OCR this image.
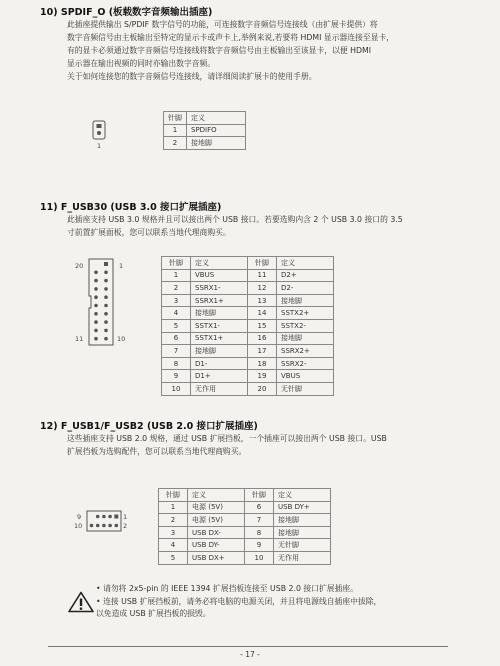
10) SPDIF_O (板载数字音频输出插座)
此插座提供输出 S/PDIF 数字信号的功能，可连接数字音频信号连接线（由扩展卡提供）将
数字音频信号由主板输出至特定的显示卡或声卡上,举例来说,若要将 HDMI 显示器连接至显卡，
有的显卡必须通过数字音频信号连接线将数字音频信号由主板输出至该显卡，以便 HDMI
显示器在输出视频的同时亦输出数字音频。
关于如何连接您的数字音频信号连接线，请详细阅读扩展卡的使用手册。
1
针脚	定义
1	SPDIFO
2	接地脚
11) F_USB30 (USB 3.0 接口扩展插座)
此插座支持 USB 3.0 规格并且可以接出两个 USB 接口。若要选购内含 2 个 USB 3.0 接口的 3.5
寸前置扩展面板，您可以联系当地代理商购买。
20	1
11	10
针脚	定义	针脚	定义
1	VBUS	11	D2+
2	SSRX1-	12	D2-
3	SSRX1+	13	接地脚
4	接地脚	14	SSTX2+
5	SSTX1-	15	SSTX2-
6	SSTX1+	16	接地脚
7	接地脚	17	SSRX2+
8	D1-	18	SSRX2-
9	D1+	19	VBUS
10	无作用	20	无针脚
12) F_USB1/F_USB2 (USB 2.0 接口扩展插座)
这些插座支持 USB 2.0 规格，通过 USB 扩展挡板，一个插座可以接出两个 USB 接口。USB
扩展挡板为选购配件，您可以联系当地代理商购买。
9
10
1
2
针脚	定义	针脚	定义
1	电源 (5V)	6	USB DY+
2	电源 (5V)	7	接地脚
3	USB DX-	8	接地脚
4	USB DY-	9	无针脚
5	USB DX+	10	无作用
• 请勿将 2x5-pin 的 IEEE 1394 扩展挡板连接至 USB 2.0 接口扩展插座。
• 连接 USB 扩展挡板前，请务必将电脑的电源关闭，并且将电源线自插座中拔除，
以免造成 USB 扩展挡板的损毁。
- 17 -
